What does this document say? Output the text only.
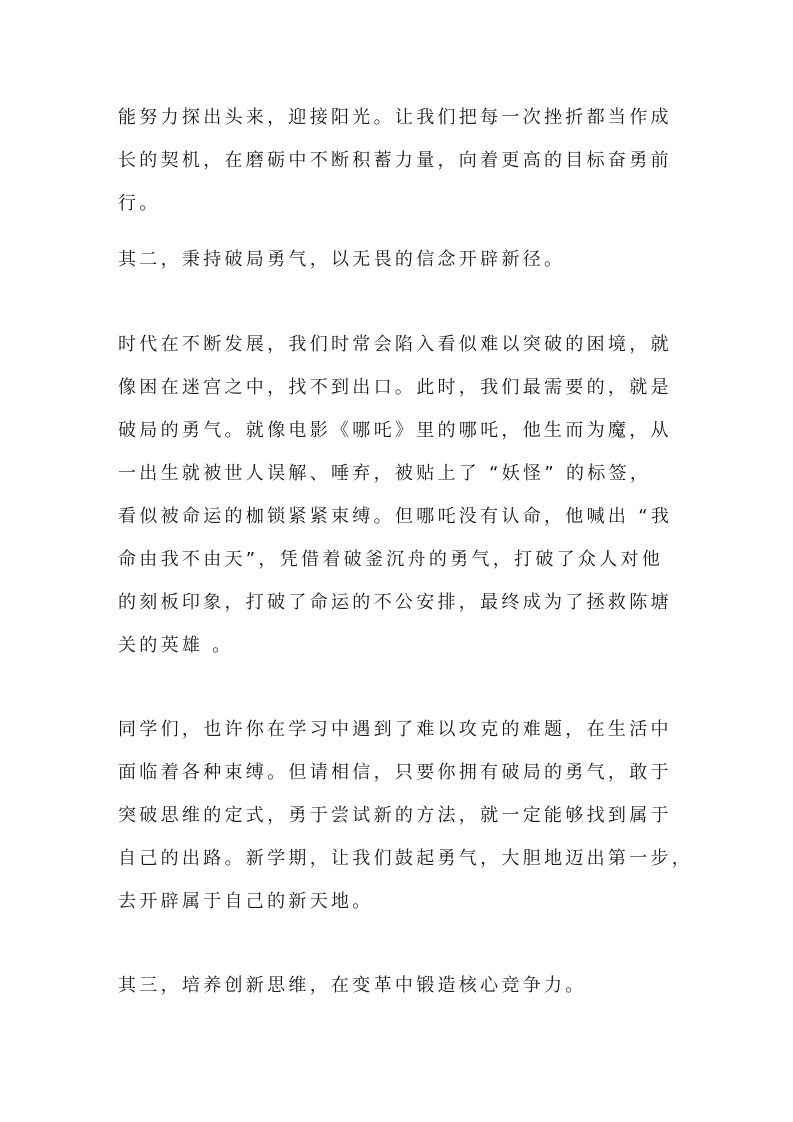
能努力探出头来，迎接阳光。让我们把每一次挫折都当作成
长的契机，在磨砺中不断积蓄力量，向着更高的目标奋勇前
行。
其二，秉持破局勇气，以无畏的信念开辟新径。
时代在不断发展，我们时常会陷入看似难以突破的困境，就
像困在迷宫之中，找不到出口。此时，我们最需要的，就是
破局的勇气。就像电影《哪吒》里的哪吒，他生而为魔，从
一出生就被世人误解、唾弃，被贴上了 “妖怪” 的标签，
看似被命运的枷锁紧紧束缚。但哪吒没有认命，他喊出 “我
命由我不由天”，凭借着破釜沉舟的勇气，打破了众人对他
的刻板印象，打破了命运的不公安排，最终成为了拯救陈塘
关的英雄 。
同学们，也许你在学习中遇到了难以攻克的难题，在生活中
面临着各种束缚。但请相信，只要你拥有破局的勇气，敢于
突破思维的定式，勇于尝试新的方法，就一定能够找到属于
自己的出路。新学期，让我们鼓起勇气，大胆地迈出第一步，
去开辟属于自己的新天地。
其三，培养创新思维，在变革中锻造核心竞争力。
